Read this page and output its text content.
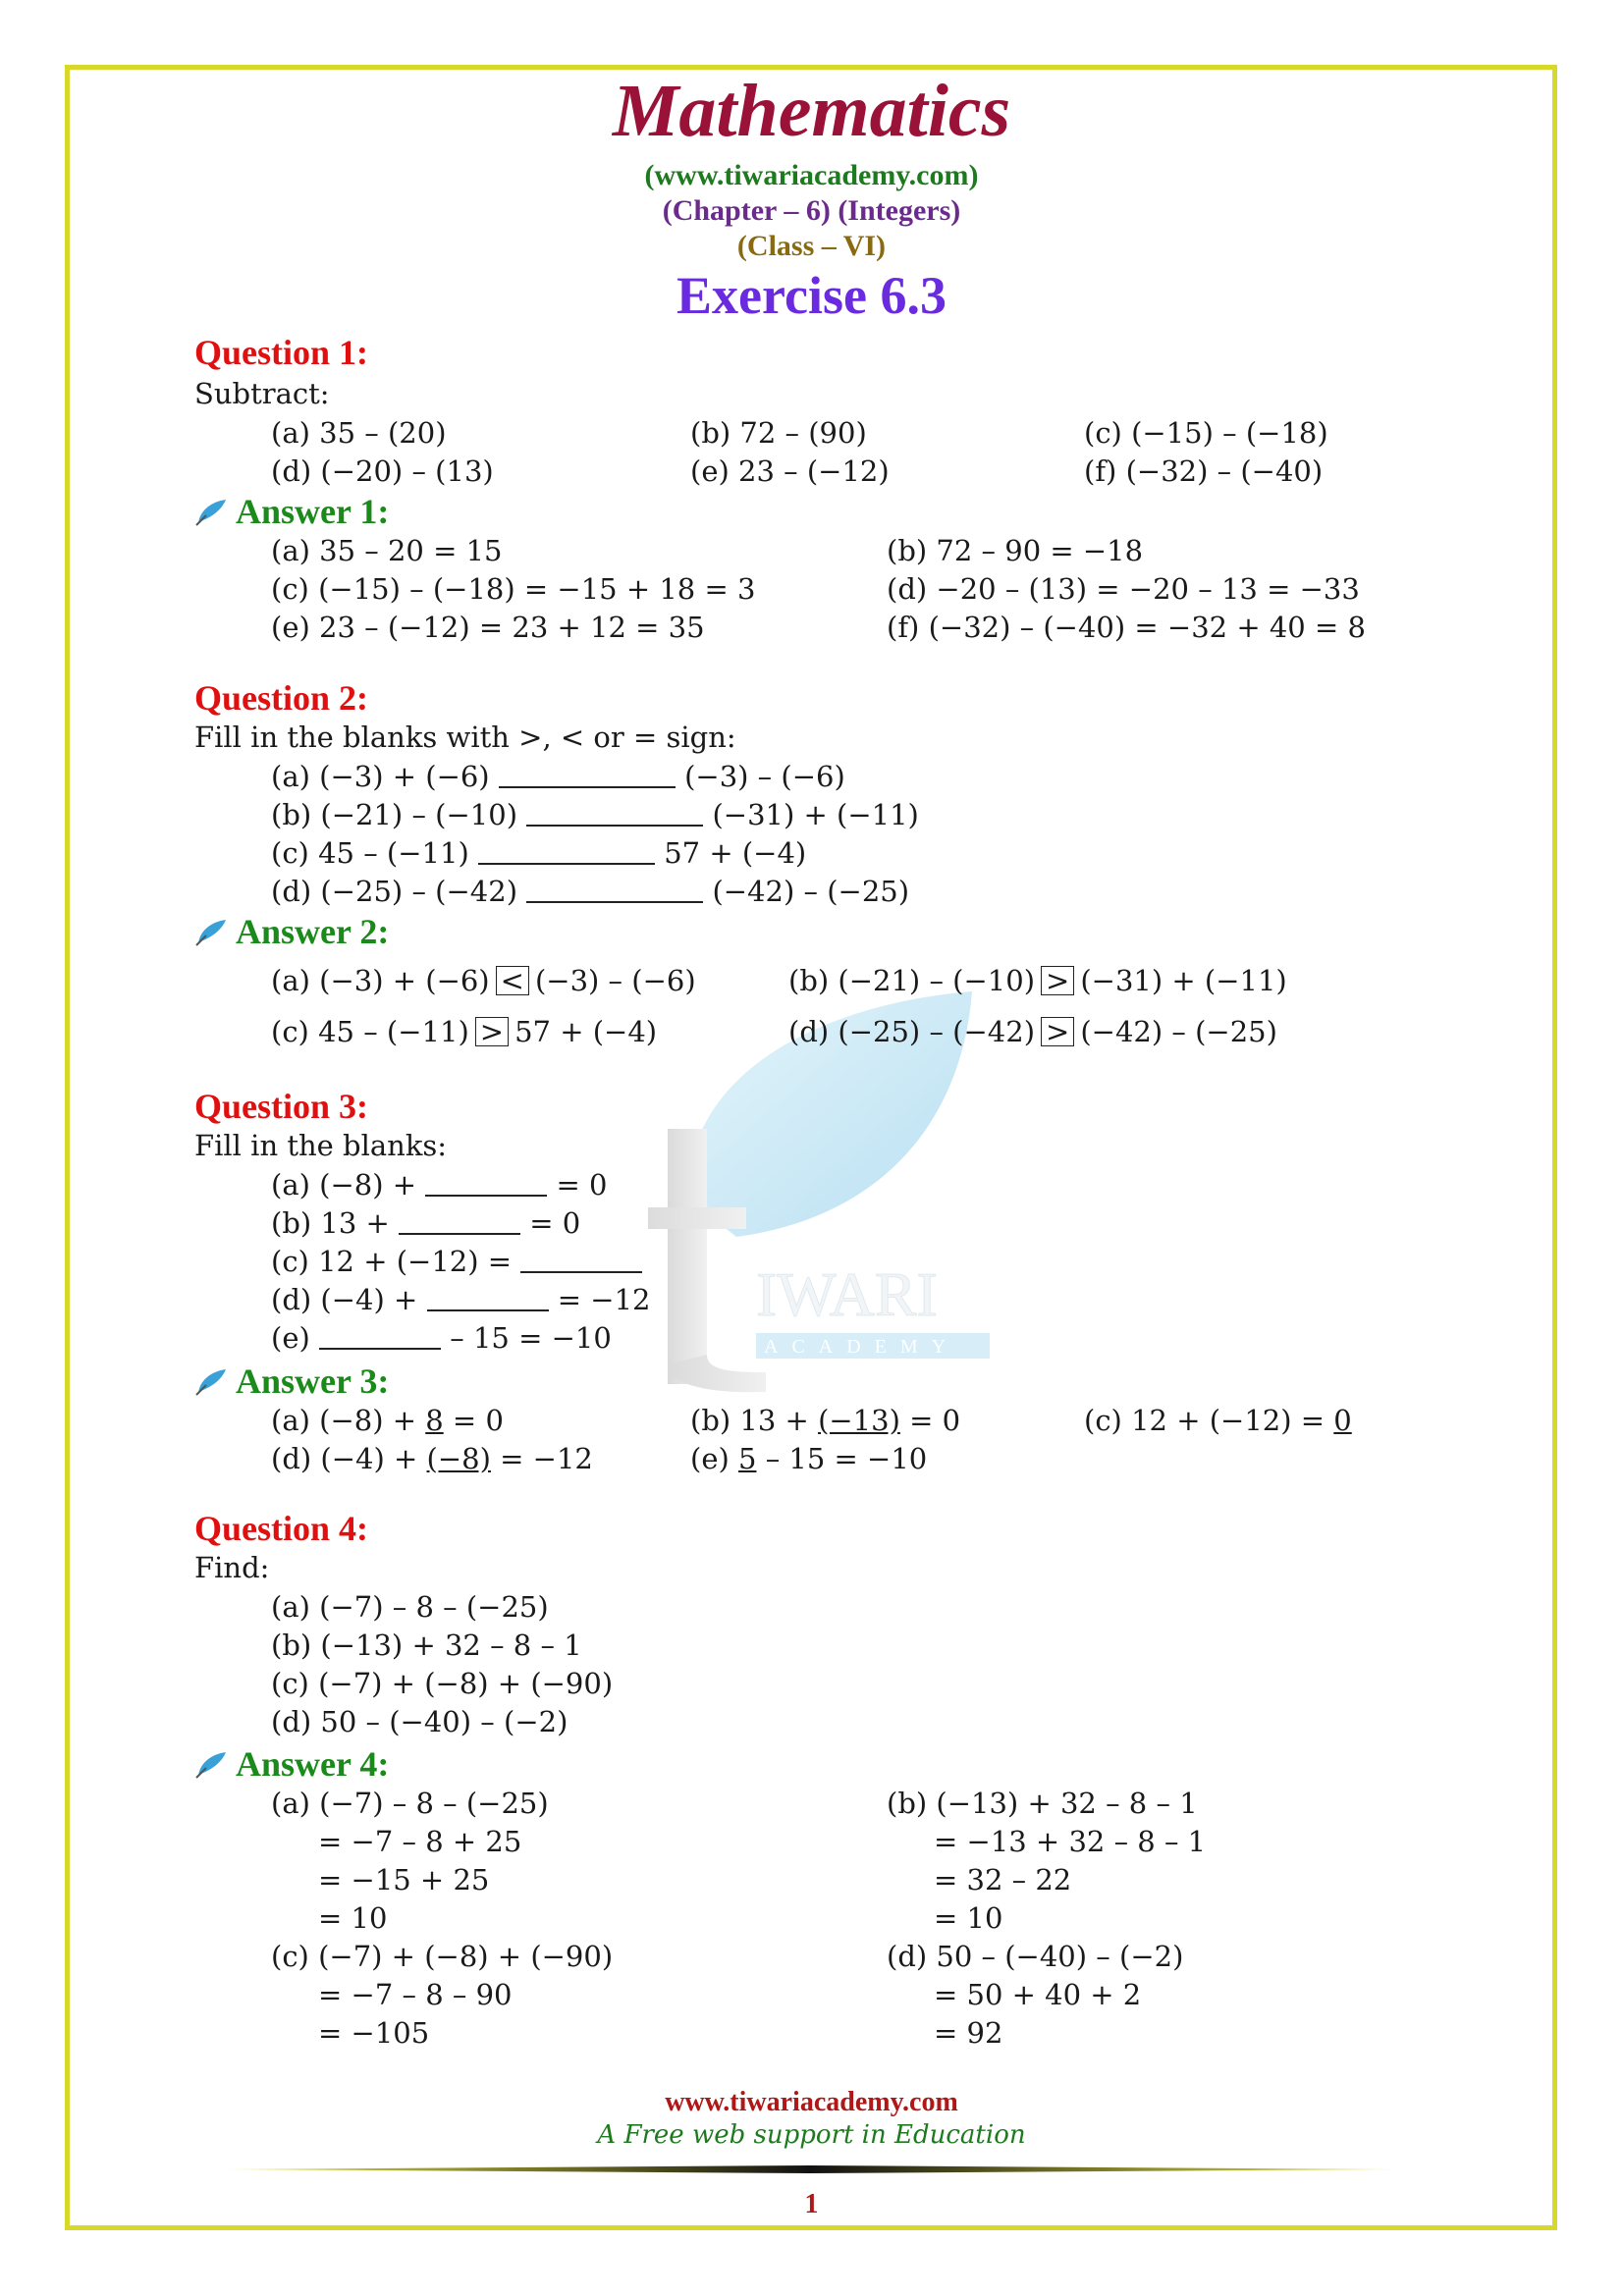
IWARI
ACADEMY
Mathematics
(www.tiwariacademy.com)
(Chapter – 6) (Integers)
(Class – VI)
Exercise 6.3
Question 1:
Subtract:
(a) 35 – (20)	(b) 72 – (90)	(c) (−15) – (−18)
(d) (−20) – (13)	(e) 23 – (−12)	(f) (−32) – (−40)
Answer 1:
(a) 35 – 20 = 15	(b) 72 – 90 = −18
(c) (−15) – (−18) = −15 + 18 = 3	(d) −20 – (13) = −20 – 13 = −33
(e) 23 – (−12) = 23 + 12 = 35	(f) (−32) – (−40) = −32 + 40 = 8
Question 2:
Fill in the blanks with >, < or = sign:
(a) (−3) + (−6)	(−3) – (−6)
(b) (−21) – (−10)	(−31) + (−11)
(c) 45 – (−11)	57 + (−4)
(d) (−25) – (−42)	(−42) – (−25)
Answer 2:
(a) (−3) + (−6) < (−3) – (−6)	(b) (−21) – (−10) > (−31) + (−11)
(c) 45 – (−11) > 57 + (−4)	(d) (−25) – (−42) > (−42) – (−25)
Question 3:
Fill in the blanks:
(a) (−8) +	= 0
(b) 13 +	= 0
(c) 12 + (−12) =
(d) (−4) +	= −12
(e)	– 15 = −10
Answer 3:
(a) (−8) + 8 = 0	(b) 13 + (−13) = 0	(c) 12 + (−12) = 0
(d) (−4) + (−8) = −12	(e) 5 – 15 = −10
Question 4:
Find:
(a) (−7) – 8 – (−25)
(b) (−13) + 32 – 8 – 1
(c) (−7) + (−8) + (−90)
(d) 50 – (−40) – (−2)
Answer 4:
(a) (−7) – 8 – (−25)
= −7 – 8 + 25
= −15 + 25
= 10
(b) (−13) + 32 – 8 – 1
= −13 + 32 – 8 – 1
= 32 – 22
= 10
(c) (−7) + (−8) + (−90)
= −7 – 8 – 90
= −105
(d) 50 – (−40) – (−2)
= 50 + 40 + 2
= 92
www.tiwariacademy.com
A Free web support in Education
1
